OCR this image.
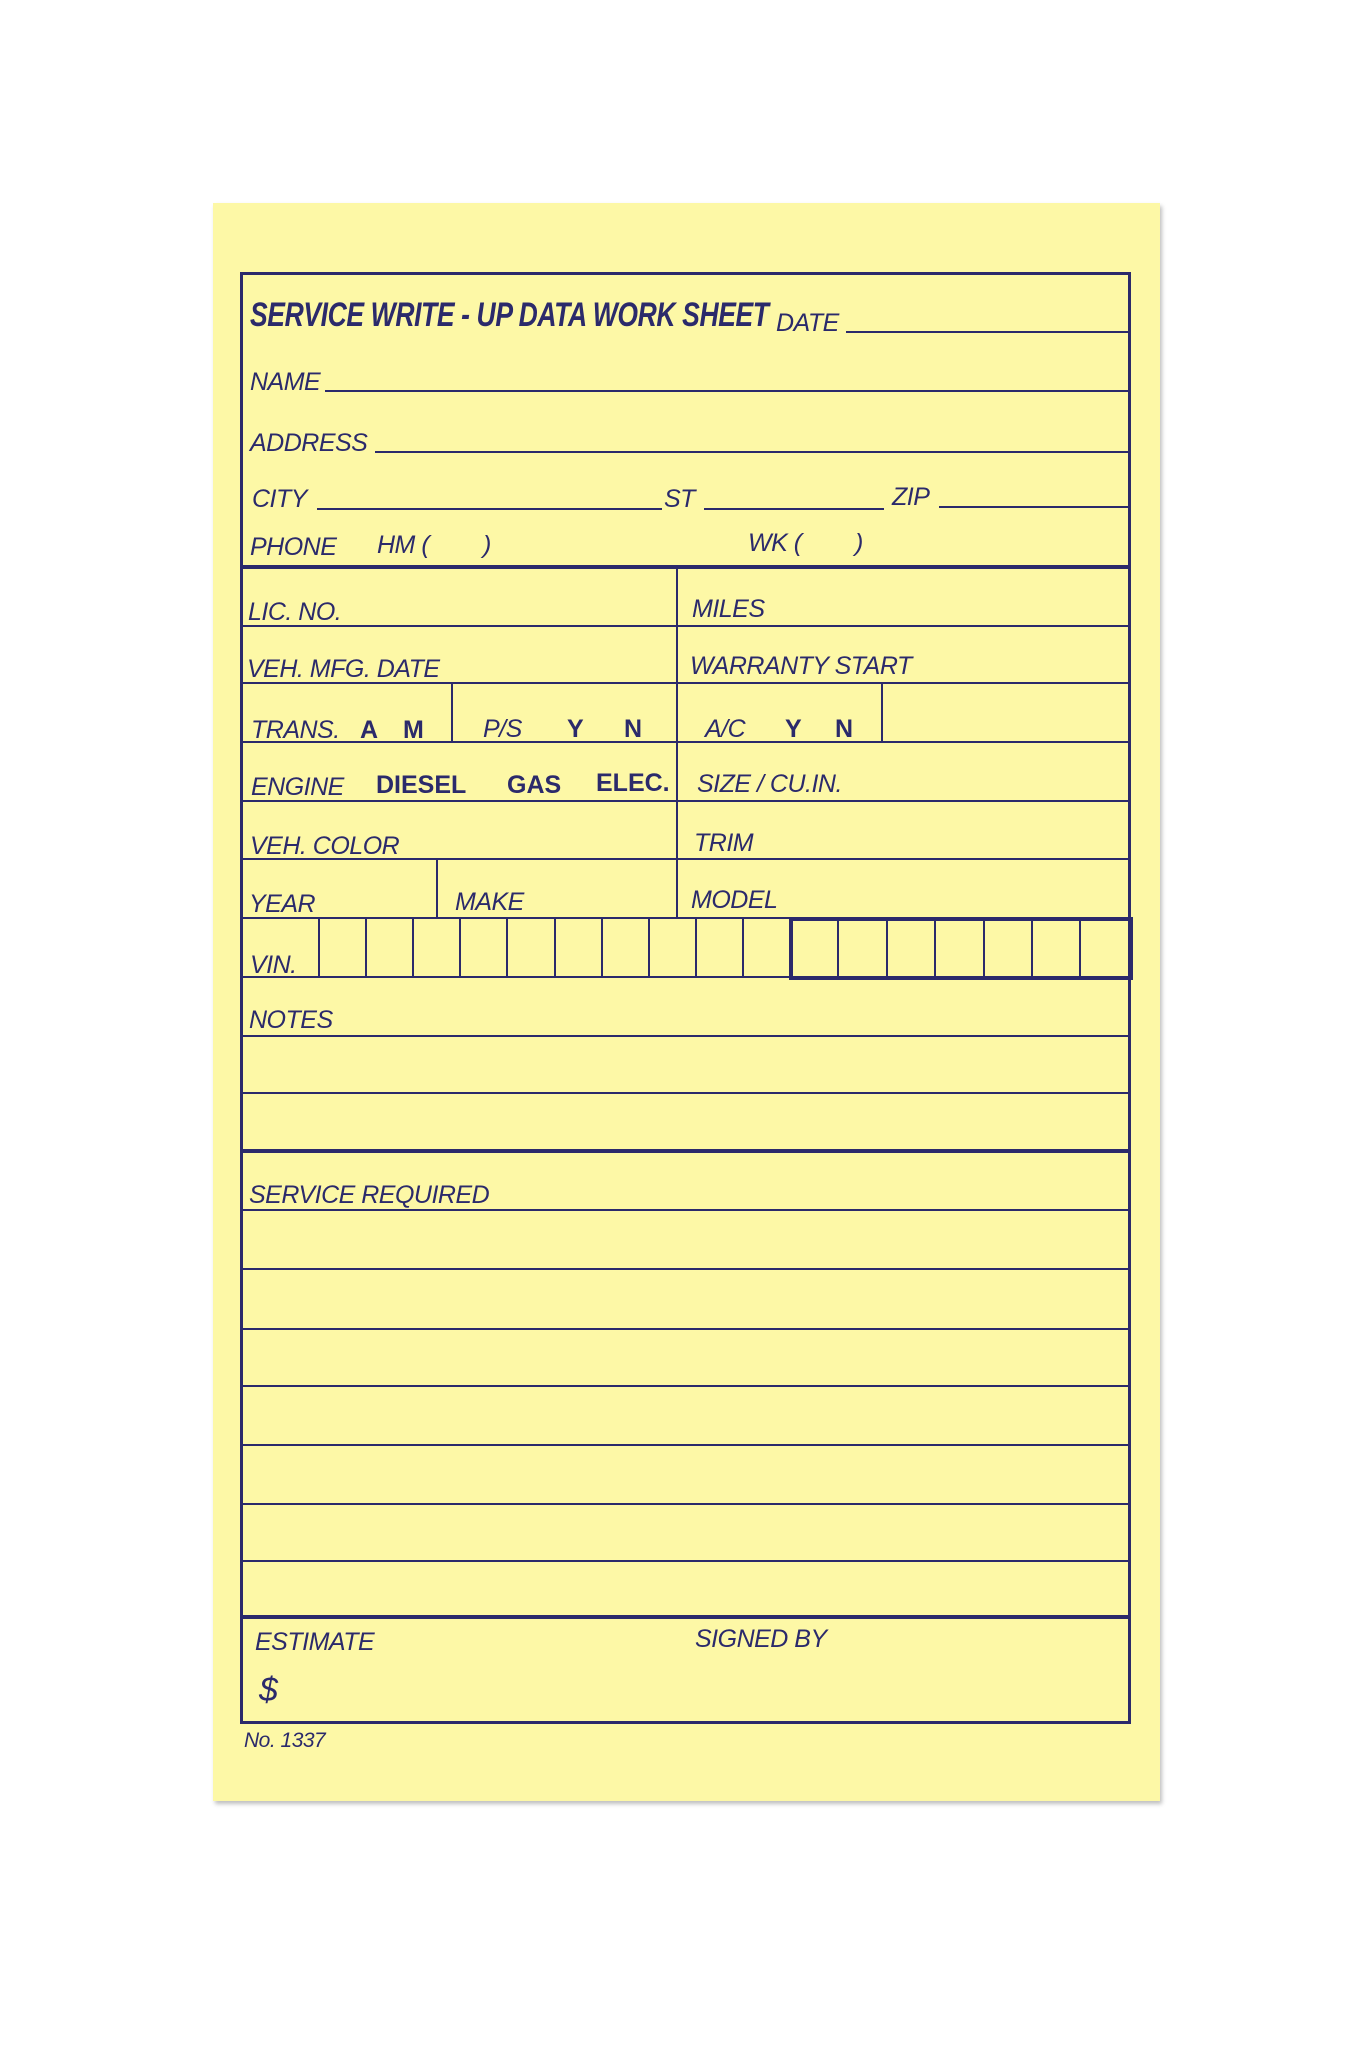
SERVICE WRITE - UP DATA WORK SHEET DATE
NAME
ADDRESS
CITY	ST	ZIP
PHONE HM ( )	WK ( )
LIC. NO.	MILES
VEH. MFG. DATE	WARRANTY START
TRANS. A M P/S Y N	A/C Y N
ENGINE DIESEL GAS ELEC. SIZE / CU.IN.
VEH. COLOR	TRIM
YEAR	MAKE	MODEL
VIN.
NOTES
SERVICE REQUIRED
ESTIMATE
$
SIGNED BY
No. 1337
